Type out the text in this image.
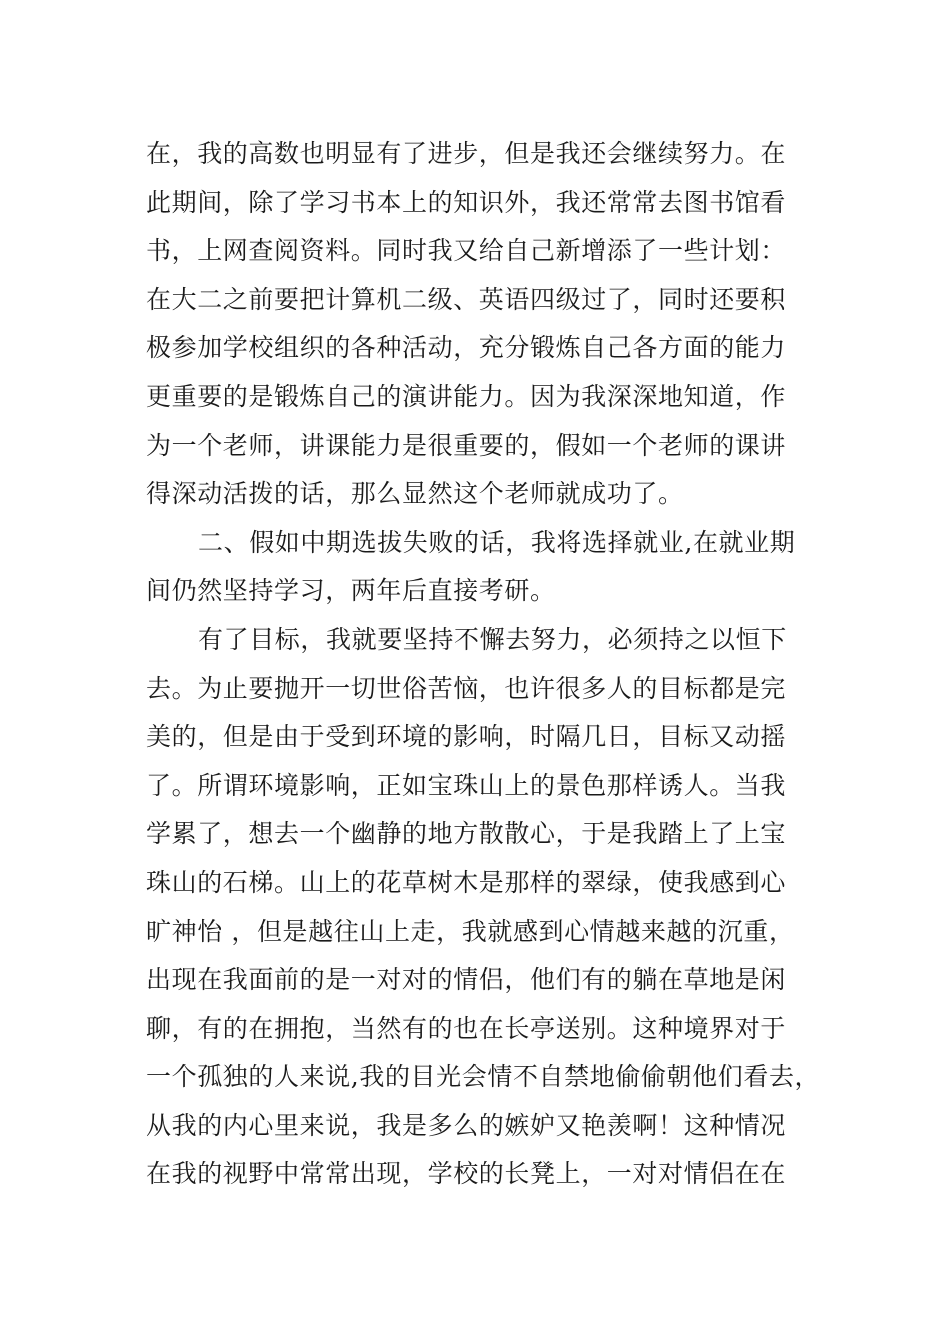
在，我的高数也明显有了进步，但是我还会继续努力。在
此期间，除了学习书本上的知识外，我还常常去图书馆看
书，上网查阅资料。同时我又给自己新增添了一些计划：
在大二之前要把计算机二级、英语四级过了，同时还要积
极参加学校组织的各种活动，充分锻炼自己各方面的能力
更重要的是锻炼自己的演讲能力。因为我深深地知道，作
为一个老师，讲课能力是很重要的，假如一个老师的课讲
得深动活拨的话，那么显然这个老师就成功了。
二、假如中期选拔失败的话，我将选择就业,在就业期
间仍然坚持学习，两年后直接考研。
有了目标，我就要坚持不懈去努力，必须持之以恒下
去。为止要抛开一切世俗苦恼，也许很多人的目标都是完
美的，但是由于受到环境的影响，时隔几日，目标又动摇
了。所谓环境影响，正如宝珠山上的景色那样诱人。当我
学累了，想去一个幽静的地方散散心，于是我踏上了上宝
珠山的石梯。山上的花草树木是那样的翠绿，使我感到心
旷神怡 ，但是越往山上走，我就感到心情越来越的沉重，
出现在我面前的是一对对的情侣，他们有的躺在草地是闲
聊，有的在拥抱，当然有的也在长亭送别。这种境界对于
一个孤独的人来说,我的目光会情不自禁地偷偷朝他们看去，
从我的内心里来说，我是多么的嫉妒又艳羡啊！这种情况
在我的视野中常常出现，学校的长凳上，一对对情侣在在
